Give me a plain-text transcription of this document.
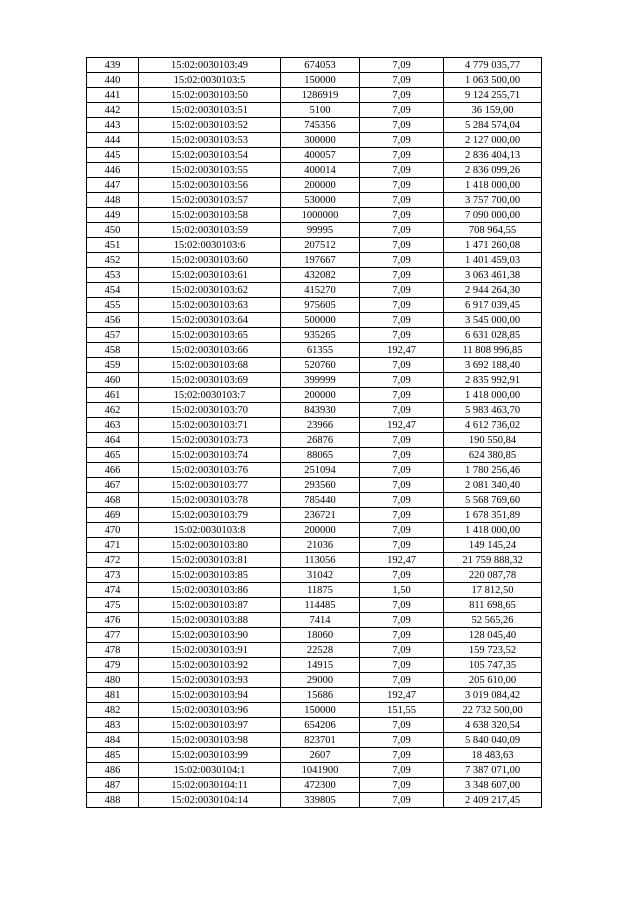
439	15:02:0030103:49	674053	7,09	4 779 035,77
440	15:02:0030103:5	150000	7,09	1 063 500,00
441	15:02:0030103:50	1286919	7,09	9 124 255,71
442	15:02:0030103:51	5100	7,09	36 159,00
443	15:02:0030103:52	745356	7,09	5 284 574,04
444	15:02:0030103:53	300000	7,09	2 127 000,00
445	15:02:0030103:54	400057	7,09	2 836 404,13
446	15:02:0030103:55	400014	7,09	2 836 099,26
447	15:02:0030103:56	200000	7,09	1 418 000,00
448	15:02:0030103:57	530000	7,09	3 757 700,00
449	15:02:0030103:58	1000000	7,09	7 090 000,00
450	15:02:0030103:59	99995	7,09	708 964,55
451	15:02:0030103:6	207512	7,09	1 471 260,08
452	15:02:0030103:60	197667	7,09	1 401 459,03
453	15:02:0030103:61	432082	7,09	3 063 461,38
454	15:02:0030103:62	415270	7,09	2 944 264,30
455	15:02:0030103:63	975605	7,09	6 917 039,45
456	15:02:0030103:64	500000	7,09	3 545 000,00
457	15:02:0030103:65	935265	7,09	6 631 028,85
458	15:02:0030103:66	61355	192,47	11 808 996,85
459	15:02:0030103:68	520760	7,09	3 692 188,40
460	15:02:0030103:69	399999	7,09	2 835 992,91
461	15:02:0030103:7	200000	7,09	1 418 000,00
462	15:02:0030103:70	843930	7,09	5 983 463,70
463	15:02:0030103:71	23966	192,47	4 612 736,02
464	15:02:0030103:73	26876	7,09	190 550,84
465	15:02:0030103:74	88065	7,09	624 380,85
466	15:02:0030103:76	251094	7,09	1 780 256,46
467	15:02:0030103:77	293560	7,09	2 081 340,40
468	15:02:0030103:78	785440	7,09	5 568 769,60
469	15:02:0030103:79	236721	7,09	1 678 351,89
470	15:02:0030103:8	200000	7,09	1 418 000,00
471	15:02:0030103:80	21036	7,09	149 145,24
472	15:02:0030103:81	113056	192,47	21 759 888,32
473	15:02:0030103:85	31042	7,09	220 087,78
474	15:02:0030103:86	11875	1,50	17 812,50
475	15:02:0030103:87	114485	7,09	811 698,65
476	15:02:0030103:88	7414	7,09	52 565,26
477	15:02:0030103:90	18060	7,09	128 045,40
478	15:02:0030103:91	22528	7,09	159 723,52
479	15:02:0030103:92	14915	7,09	105 747,35
480	15:02:0030103:93	29000	7,09	205 610,00
481	15:02:0030103:94	15686	192,47	3 019 084,42
482	15:02:0030103:96	150000	151,55	22 732 500,00
483	15:02:0030103:97	654206	7,09	4 638 320,54
484	15:02:0030103:98	823701	7,09	5 840 040,09
485	15:02:0030103:99	2607	7,09	18 483,63
486	15:02:0030104:1	1041900	7,09	7 387 071,00
487	15:02:0030104:11	472300	7,09	3 348 607,00
488	15:02:0030104:14	339805	7,09	2 409 217,45
